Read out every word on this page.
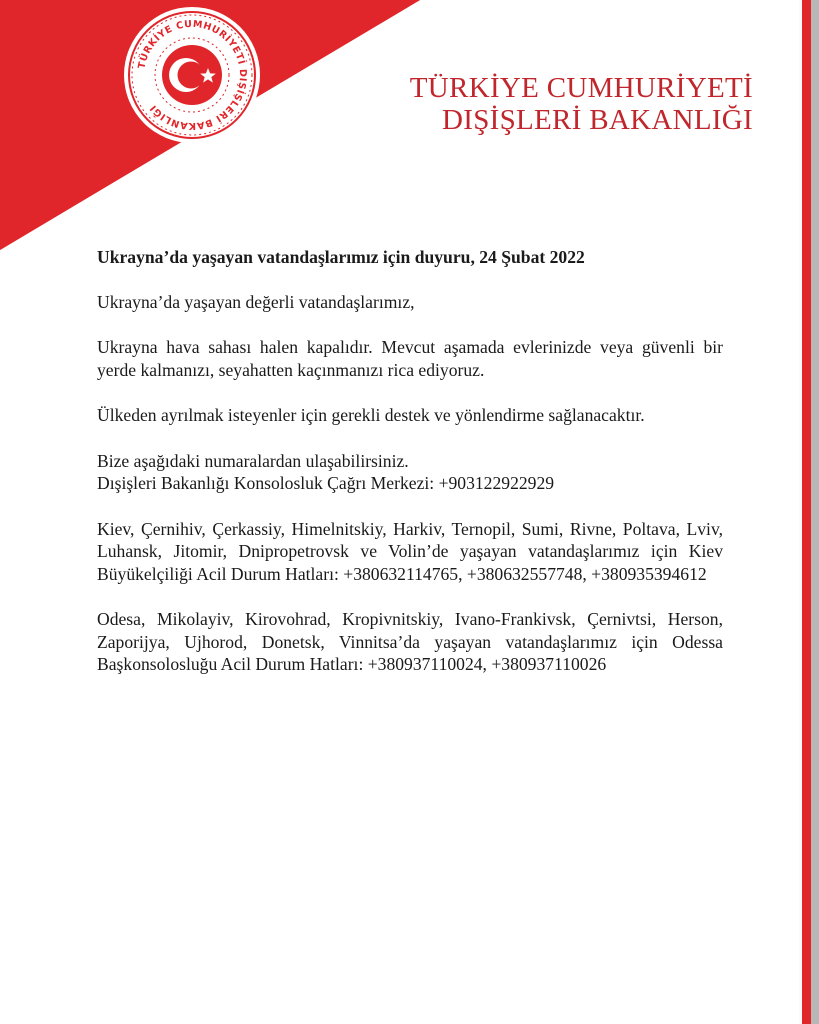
TÜRKİYE CUMHURİYETİ DIŞİŞLERİ BAKANLIĞI
TÜRKİYE CUMHURİYETİ
DIŞİŞLERİ BAKANLIĞI
Ukrayna’da yaşayan vatandaşlarımız için duyuru, 24 Şubat 2022

Ukrayna’da yaşayan değerli vatandaşlarımız,

Ukrayna hava sahası halen kapalıdır. Mevcut aşamada evlerinizde veya güvenli bir yerde kalmanızı, seyahatten kaçınmanızı rica ediyoruz.

Ülkeden ayrılmak isteyenler için gerekli destek ve yönlendirme sağlanacaktır.

Bize aşağıdaki numaralardan ulaşabilirsiniz.
Dışişleri Bakanlığı Konsolosluk Çağrı Merkezi: +903122922929

Kiev, Çernihiv, Çerkassiy, Himelnitskiy, Harkiv, Ternopil, Sumi, Rivne, Poltava, Lviv, Luhansk, Jitomir, Dnipropetrovsk ve Volin’de yaşayan vatandaşlarımız için Kiev Büyükelçiliği Acil Durum Hatları: +380632114765, +380632557748, +380935394612

Odesa, Mikolayiv, Kirovohrad, Kropivnitskiy, Ivano-Frankivsk, Çernivtsi, Herson, Zaporijya, Ujhorod, Donetsk, Vinnitsa’da yaşayan vatandaşlarımız için Odessa Başkonsolosluğu Acil Durum Hatları: +380937110024, +380937110026
